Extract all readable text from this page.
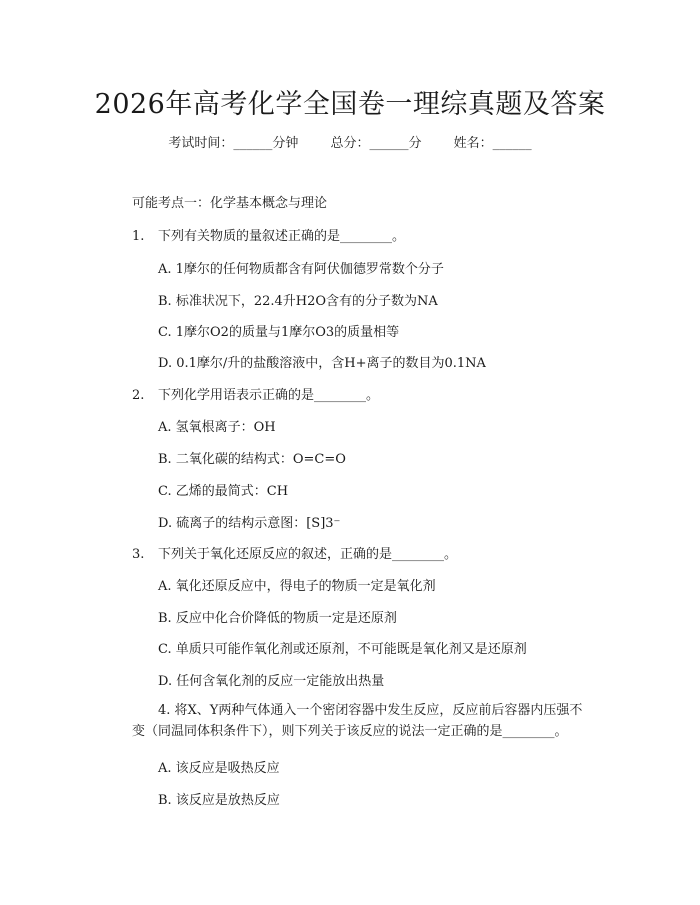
2026年高考化学全国卷一理综真题及答案
考试时间：______分钟 总分：______分 姓名：______
可能考点一：化学基本概念与理论
1. 下列有关物质的量叙述正确的是________。
A. 1摩尔的任何物质都含有阿伏伽德罗常数个分子
B. 标准状况下，22.4升H2O含有的分子数为NA
C. 1摩尔O2的质量与1摩尔O3的质量相等
D. 0.1摩尔/升的盐酸溶液中，含H+离子的数目为0.1NA
2. 下列化学用语表示正确的是________。
A. 氢氧根离子：OH
B. 二氧化碳的结构式：O=C=O
C. 乙烯的最简式：CH
D. 硫离子的结构示意图：[S]3⁻
3. 下列关于氧化还原反应的叙述，正确的是________。
A. 氧化还原反应中，得电子的物质一定是氧化剂
B. 反应中化合价降低的物质一定是还原剂
C. 单质只可能作氧化剂或还原剂，不可能既是氧化剂又是还原剂
D. 任何含氧化剂的反应一定能放出热量
4. 将X、Y两种气体通入一个密闭容器中发生反应，反应前后容器内压强不变（同温同体积条件下），则下列关于该反应的说法一定正确的是________。
A. 该反应是吸热反应
B. 该反应是放热反应
